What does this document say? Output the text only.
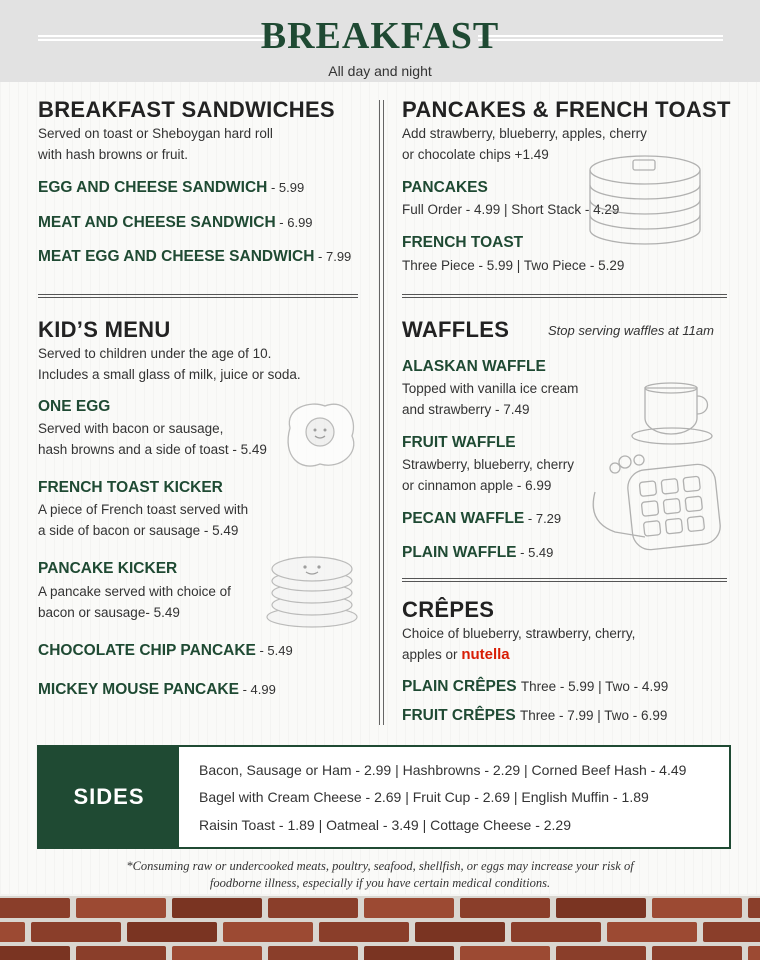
BREAKFAST
All day and night
BREAKFAST SANDWICHES
Served on toast or Sheboygan hard roll
with hash browns or fruit.
EGG AND CHEESE SANDWICH - 5.99
MEAT AND CHEESE SANDWICH - 6.99
MEAT EGG AND CHEESE SANDWICH - 7.99
PANCAKES & FRENCH TOAST
Add strawberry, blueberry, apples, cherry
or chocolate chips +1.49
PANCAKES
Full Order - 4.99 | Short Stack - 4.29
FRENCH TOAST
Three Piece - 5.99 | Two Piece - 5.29
KID’S MENU
Served to children under the age of 10.
Includes a small glass of milk, juice or soda.
ONE EGG
Served with bacon or sausage,
hash browns and a side of toast - 5.49
FRENCH TOAST KICKER
A piece of French toast served with
a side of bacon or sausage - 5.49
PANCAKE KICKER
A pancake served with choice of
bacon or sausage- 5.49
CHOCOLATE CHIP PANCAKE - 5.49
MICKEY MOUSE PANCAKE - 4.99
WAFFLES	Stop serving waffles at 11am
ALASKAN WAFFLE
Topped with vanilla ice cream
and strawberry - 7.49
FRUIT WAFFLE
Strawberry, blueberry, cherry
or cinnamon apple - 6.99
PECAN WAFFLE - 7.29
PLAIN WAFFLE - 5.49
CRÊPES
Choice of blueberry, strawberry, cherry,
apples or nutella
PLAIN CRÊPES Three - 5.99 | Two - 4.99
FRUIT CRÊPES Three - 7.99 | Two - 6.99
SIDES
Bacon, Sausage or Ham - 2.99 | Hashbrowns - 2.29 | Corned Beef Hash - 4.49
Bagel with Cream Cheese - 2.69 | Fruit Cup - 2.69 | English Muffin - 1.89
Raisin Toast - 1.89 | Oatmeal - 3.49 | Cottage Cheese - 2.29
*Consuming raw or undercooked meats, poultry, seafood, shellfish, or eggs may increase your risk of
foodborne illness, especially if you have certain medical conditions.
